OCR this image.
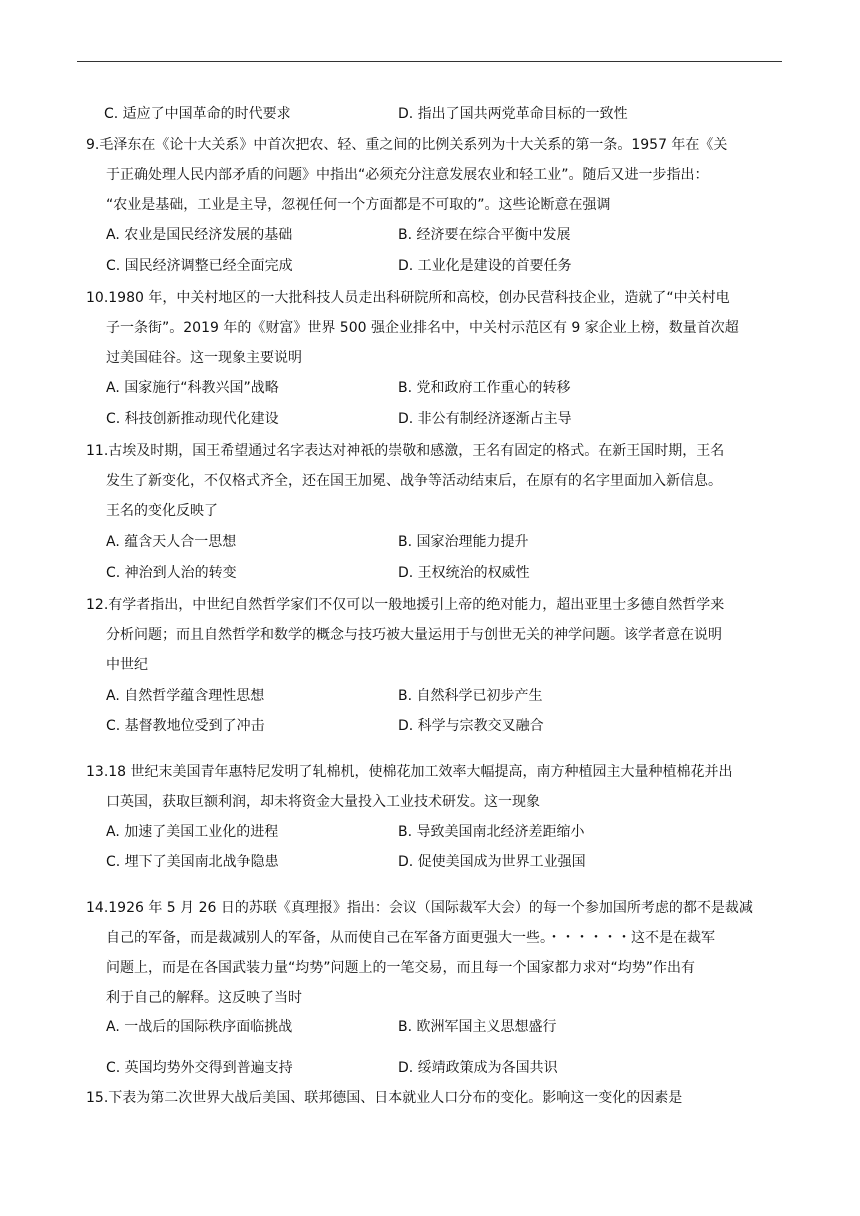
C. 适应了中国革命的时代要求	D. 指出了国共两党革命目标的一致性
9.毛泽东在《论十大关系》中首次把农、轻、重之间的比例关系列为十大关系的第一条。1957 年在《关
于正确处理人民内部矛盾的问题》中指出“必须充分注意发展农业和轻工业”。随后又进一步指出：
“农业是基础，工业是主导，忽视任何一个方面都是不可取的”。这些论断意在强调
A. 农业是国民经济发展的基础	B. 经济要在综合平衡中发展
C. 国民经济调整已经全面完成	D. 工业化是建设的首要任务
10.1980 年，中关村地区的一大批科技人员走出科研院所和高校，创办民营科技企业，造就了“中关村电
子一条街”。2019 年的《财富》世界 500 强企业排名中，中关村示范区有 9 家企业上榜，数量首次超
过美国硅谷。这一现象主要说明
A. 国家施行“科教兴国”战略	B. 党和政府工作重心的转移
C. 科技创新推动现代化建设	D. 非公有制经济逐渐占主导
11.古埃及时期，国王希望通过名字表达对神祇的崇敬和感激，王名有固定的格式。在新王国时期，王名
发生了新变化，不仅格式齐全，还在国王加冕、战争等活动结束后，在原有的名字里面加入新信息。
王名的变化反映了
A. 蕴含天人合一思想	B. 国家治理能力提升
C. 神治到人治的转变	D. 王权统治的权威性
12.有学者指出，中世纪自然哲学家们不仅可以一般地援引上帝的绝对能力，超出亚里士多德自然哲学来
分析问题；而且自然哲学和数学的概念与技巧被大量运用于与创世无关的神学问题。该学者意在说明
中世纪
A. 自然哲学蕴含理性思想	B. 自然科学已初步产生
C. 基督教地位受到了冲击	D. 科学与宗教交叉融合
13.18 世纪末美国青年惠特尼发明了轧棉机，使棉花加工效率大幅提高，南方种植园主大量种植棉花并出
口英国，获取巨额利润，却未将资金大量投入工业技术研发。这一现象
A. 加速了美国工业化的进程	B. 导致美国南北经济差距缩小
C. 埋下了美国南北战争隐患	D. 促使美国成为世界工业强国
14.1926 年 5 月 26 日的苏联《真理报》指出：会议（国际裁军大会）的每一个参加国所考虑的都不是裁减
自己的军备，而是裁减别人的军备，从而使自己在军备方面更强大一些。・・・・・・这不是在裁军
问题上，而是在各国武装力量“均势”问题上的一笔交易，而且每一个国家都力求对“均势”作出有
利于自己的解释。这反映了当时
A. 一战后的国际秩序面临挑战	B. 欧洲军国主义思想盛行
C. 英国均势外交得到普遍支持	D. 绥靖政策成为各国共识
15.下表为第二次世界大战后美国、联邦德国、日本就业人口分布的变化。影响这一变化的因素是
